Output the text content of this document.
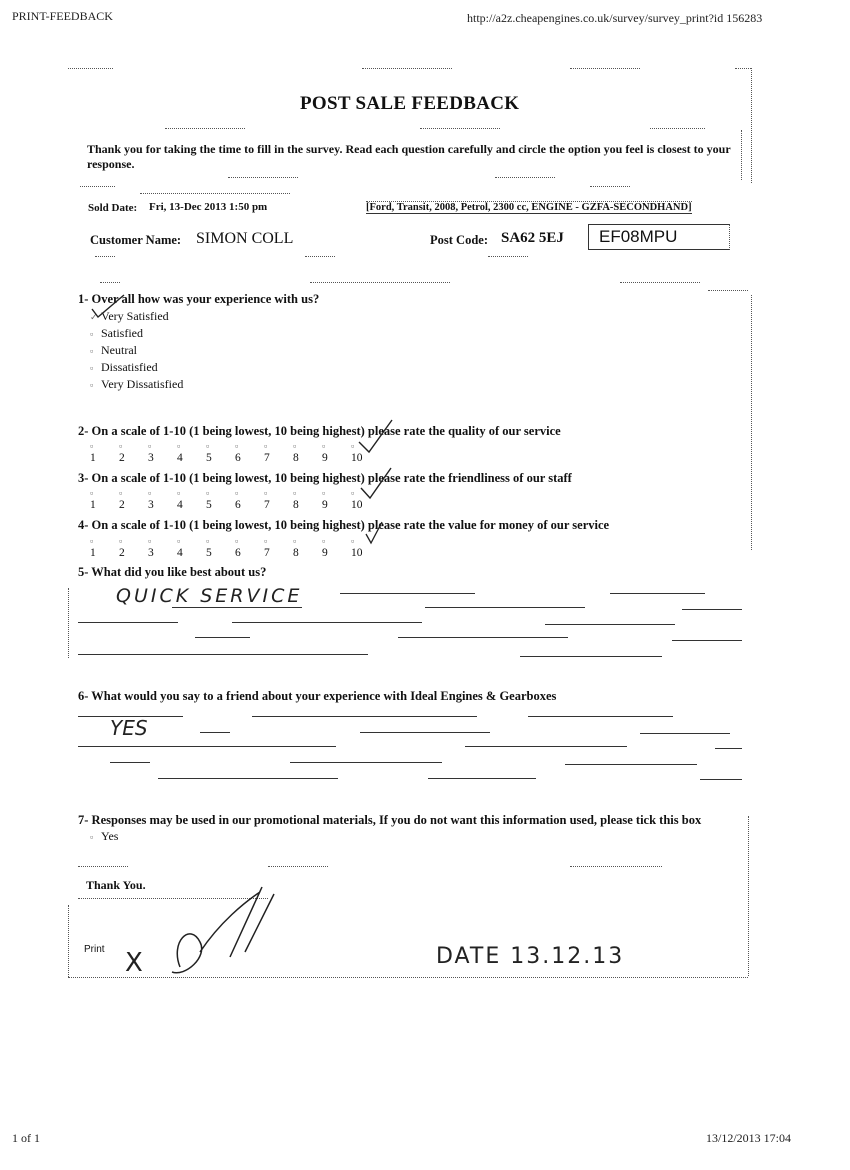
PRINT-FEEDBACK	http://a2z.cheapengines.co.uk/survey/survey_print?id 156283
POST SALE FEEDBACK
Thank you for taking the time to fill in the survey. Read each question carefully and circle the option you feel is closest to your response.
Sold Date: Fri, 13-Dec 2013 1:50 pm	[Ford, Transit, 2008, Petrol, 2300 cc, ENGINE - GZFA-SECONDHAND]
Customer Name: SIMON COLL	Post Code: SA62 5EJ	EF08MPU
1- Over all how was your experience with us?
✓ Very Satisfied
▫ Satisfied
▫ Neutral
▫ Dissatisfied
▫ Very Dissatisfied
2- On a scale of 1-10 (1 being lowest, 10 being highest) please rate the quality of our service
▫1▫2▫3▫4▫5▫6▫7▫8▫9▫10
3- On a scale of 1-10 (1 being lowest, 10 being highest) please rate the friendliness of our staff
▫1▫2▫3▫4▫5▫6▫7▫8▫9▫10
4- On a scale of 1-10 (1 being lowest, 10 being highest) please rate the value for money of our service
▫1▫2▫3▫4▫5▫6▫7▫8▫9▫10
5- What did you like best about us?
QUICK SERVICE
6- What would you say to a friend about your experience with Ideal Engines & Gearboxes
YES
7- Responses may be used in our promotional materials, If you do not want this information used, please tick this box
▫ Yes
Thank You.
Print X	DATE 13.12.13
1 of 1	13/12/2013 17:04
